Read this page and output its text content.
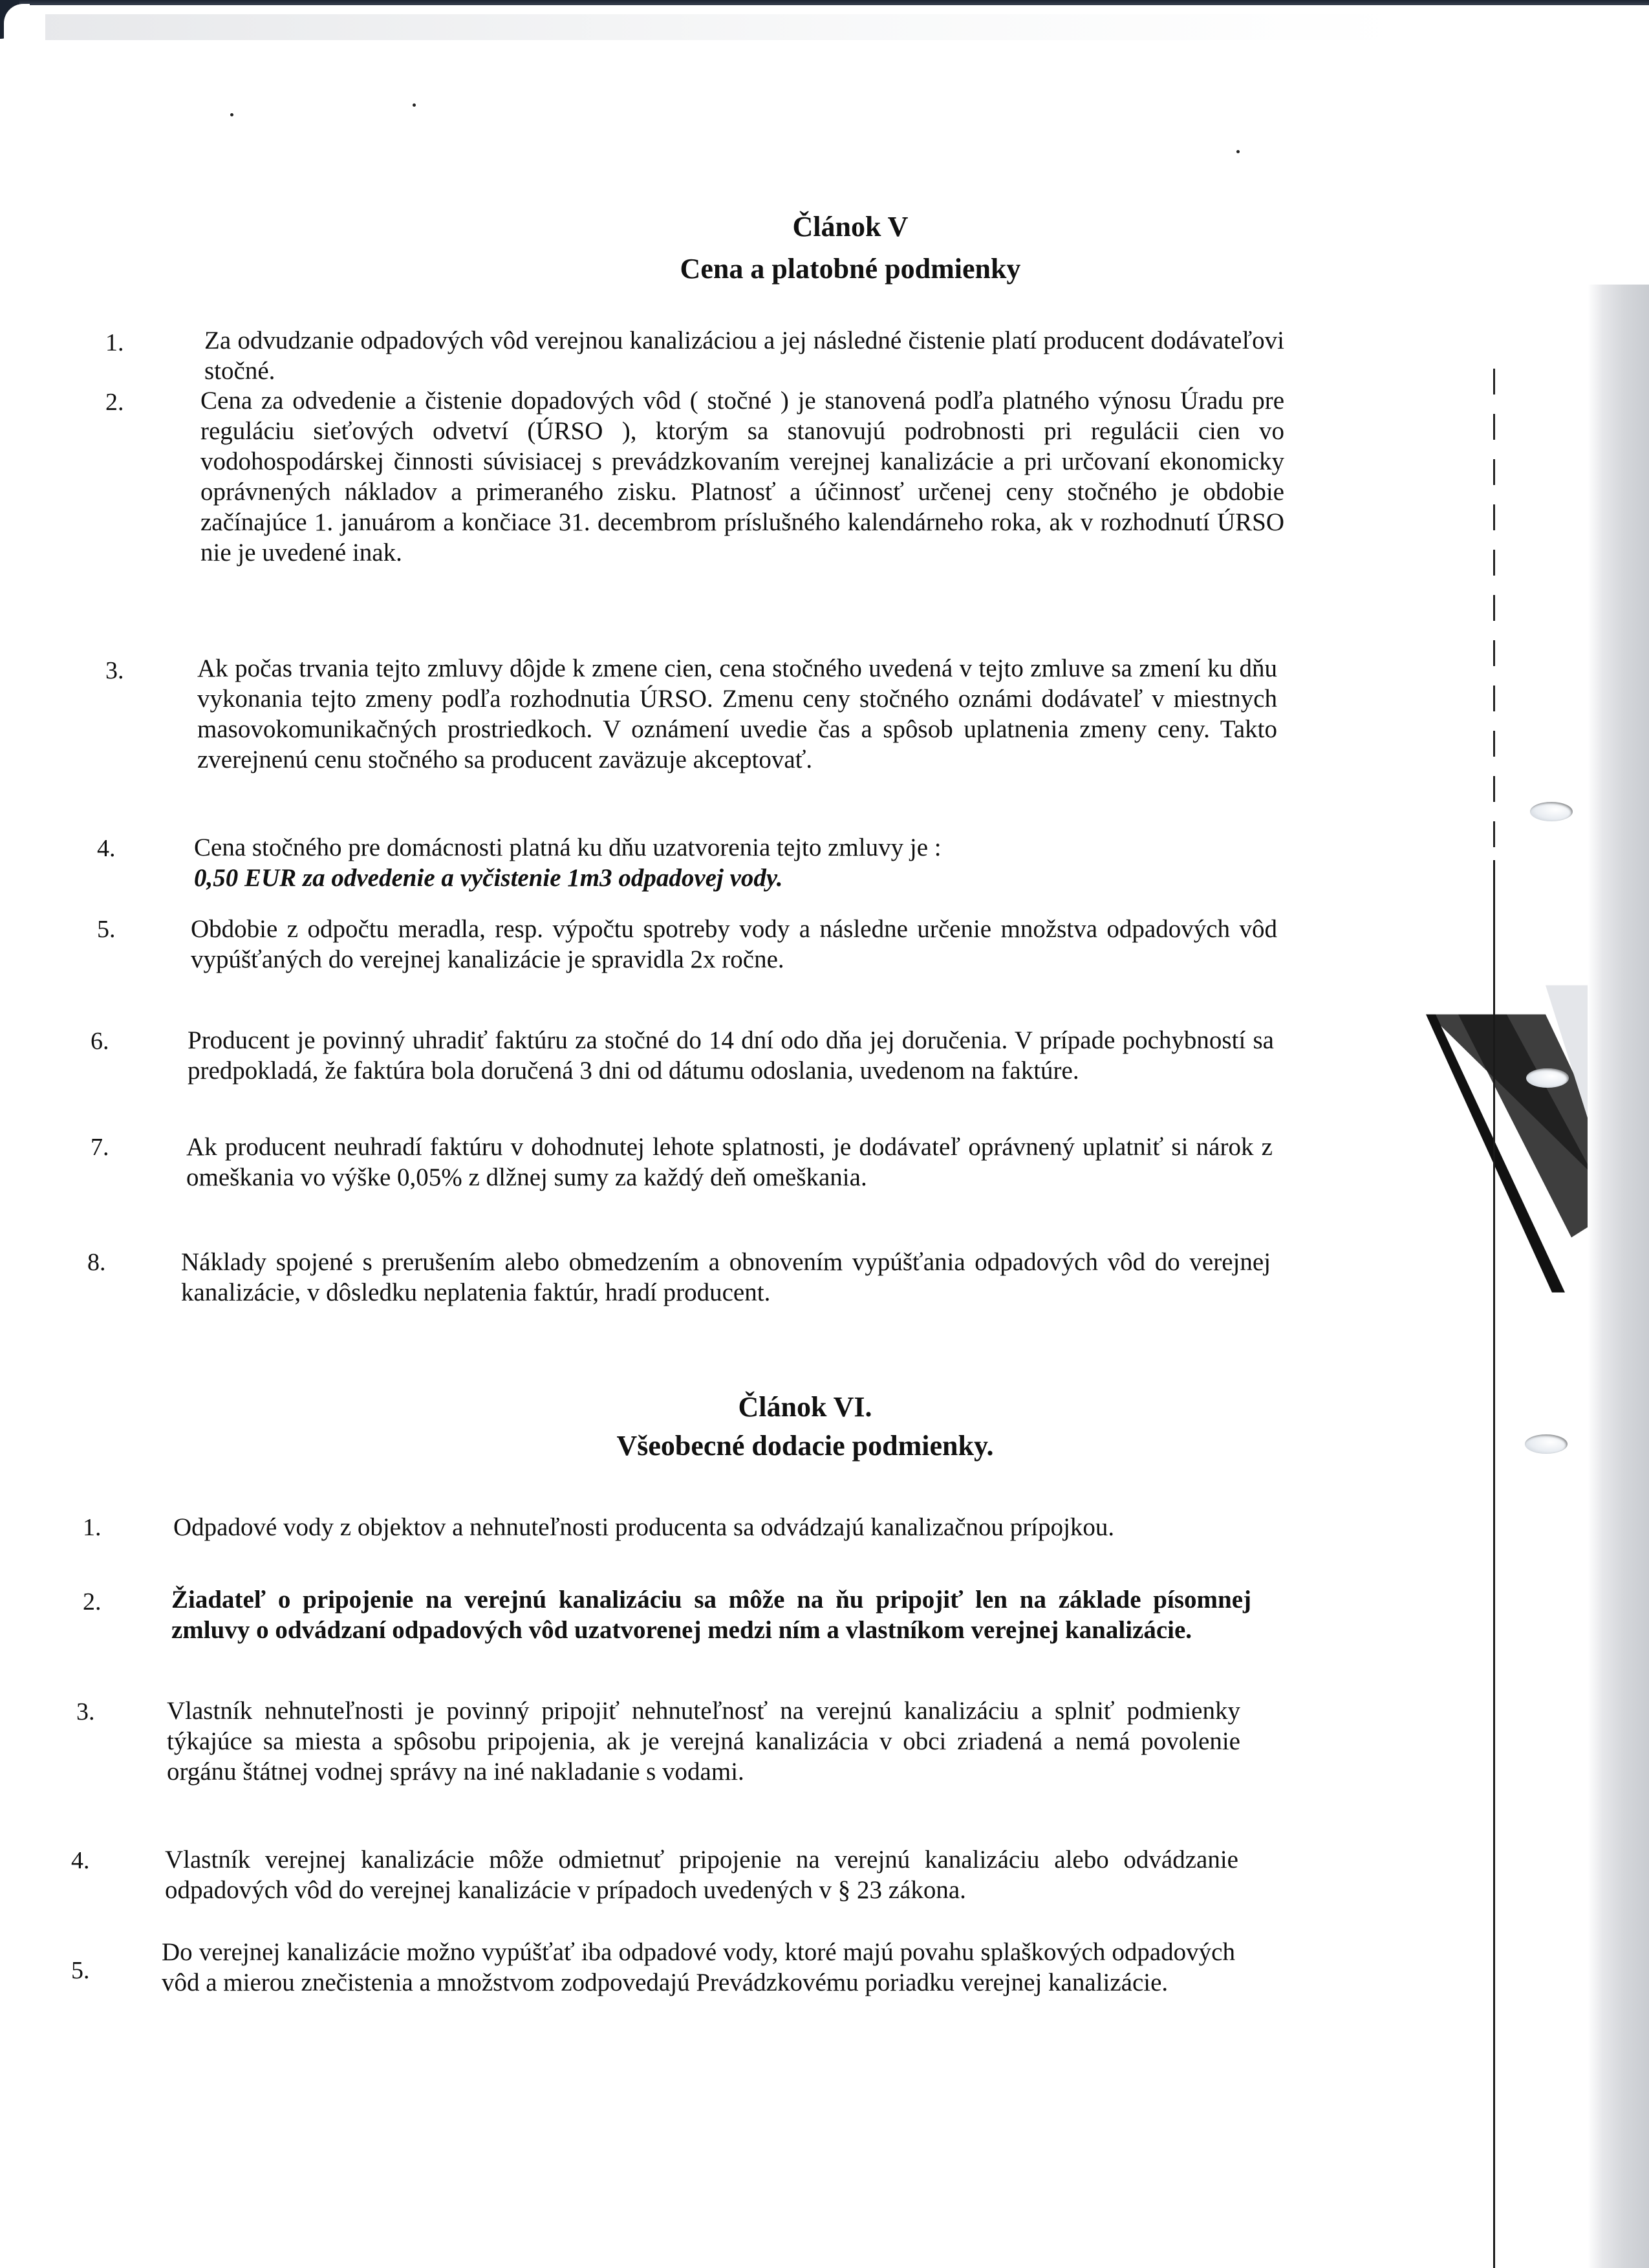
Článok V
Cena a platobné podmienky
1.	Za odvudzanie odpadových vôd verejnou kanalizáciou a jej následné čistenie platí producent dodávateľovi stočné.
2.	Cena za odvedenie a čistenie dopadových vôd ( stočné ) je stanovená podľa platného výnosu Úradu pre reguláciu sieťových odvetví (ÚRSO ), ktorým sa stanovujú podrobnosti pri regulácii cien vo vodohospodárskej činnosti súvisiacej s prevádzkovaním verejnej kanalizácie a pri určovaní ekonomicky oprávnených nákladov a primeraného zisku. Platnosť a účinnosť určenej ceny stočného je obdobie začínajúce 1. januárom a končiace 31. decembrom príslušného kalendárneho roka, ak v rozhodnutí ÚRSO nie je uvedené inak.
3.	Ak počas trvania tejto zmluvy dôjde k zmene cien, cena stočného uvedená v tejto zmluve sa zmení ku dňu vykonania tejto zmeny podľa rozhodnutia ÚRSO. Zmenu ceny stočného oznámi dodávateľ v miestnych masovokomunikačných prostriedkoch. V oznámení uvedie čas a spôsob uplatnenia zmeny ceny. Takto zverejnenú cenu stočného sa producent zaväzuje akceptovať.
4.	Cena stočného pre domácnosti platná ku dňu uzatvorenia tejto zmluvy je :
0,50 EUR za odvedenie a vyčistenie 1m3 odpadovej vody.
5.	Obdobie z odpočtu meradla, resp. výpočtu spotreby vody a následne určenie množstva odpadových vôd vypúšťaných do verejnej kanalizácie je spravidla 2x ročne.
6.	Producent je povinný uhradiť faktúru za stočné do 14 dní odo dňa jej doručenia. V prípade pochybností sa predpokladá, že faktúra bola doručená 3 dni od dátumu odoslania, uvedenom na faktúre.
7.	Ak producent neuhradí faktúru v dohodnutej lehote splatnosti, je dodávateľ oprávnený uplatniť si nárok z omeškania vo výške 0,05% z dlžnej sumy za každý deň omeškania.
8.	Náklady spojené s prerušením alebo obmedzením a obnovením vypúšťania odpadových vôd do verejnej kanalizácie, v dôsledku neplatenia faktúr, hradí producent.
Článok VI.
Všeobecné dodacie podmienky.
1.	Odpadové vody z objektov a nehnuteľnosti producenta sa odvádzajú kanalizačnou prípojkou.
2.	Žiadateľ o pripojenie na verejnú kanalizáciu sa môže na ňu pripojiť len na základe písomnej zmluvy o odvádzaní odpadových vôd uzatvorenej medzi ním a vlastníkom verejnej kanalizácie.
3.	Vlastník nehnuteľnosti je povinný pripojiť nehnuteľnosť na verejnú kanalizáciu a splniť podmienky týkajúce sa miesta a spôsobu pripojenia, ak je verejná kanalizácia v obci zriadená a nemá povolenie orgánu štátnej vodnej správy na iné nakladanie s vodami.
4.	Vlastník verejnej kanalizácie môže odmietnuť pripojenie na verejnú kanalizáciu alebo odvádzanie odpadových vôd do verejnej kanalizácie v prípadoch uvedených v § 23 zákona.
5.
Do verejnej kanalizácie možno vypúšťať iba odpadové vody, ktoré majú povahu splaškových odpadových vôd a mierou znečistenia a množstvom zodpovedajú Prevádzkovému poriadku verejnej kanalizácie.
